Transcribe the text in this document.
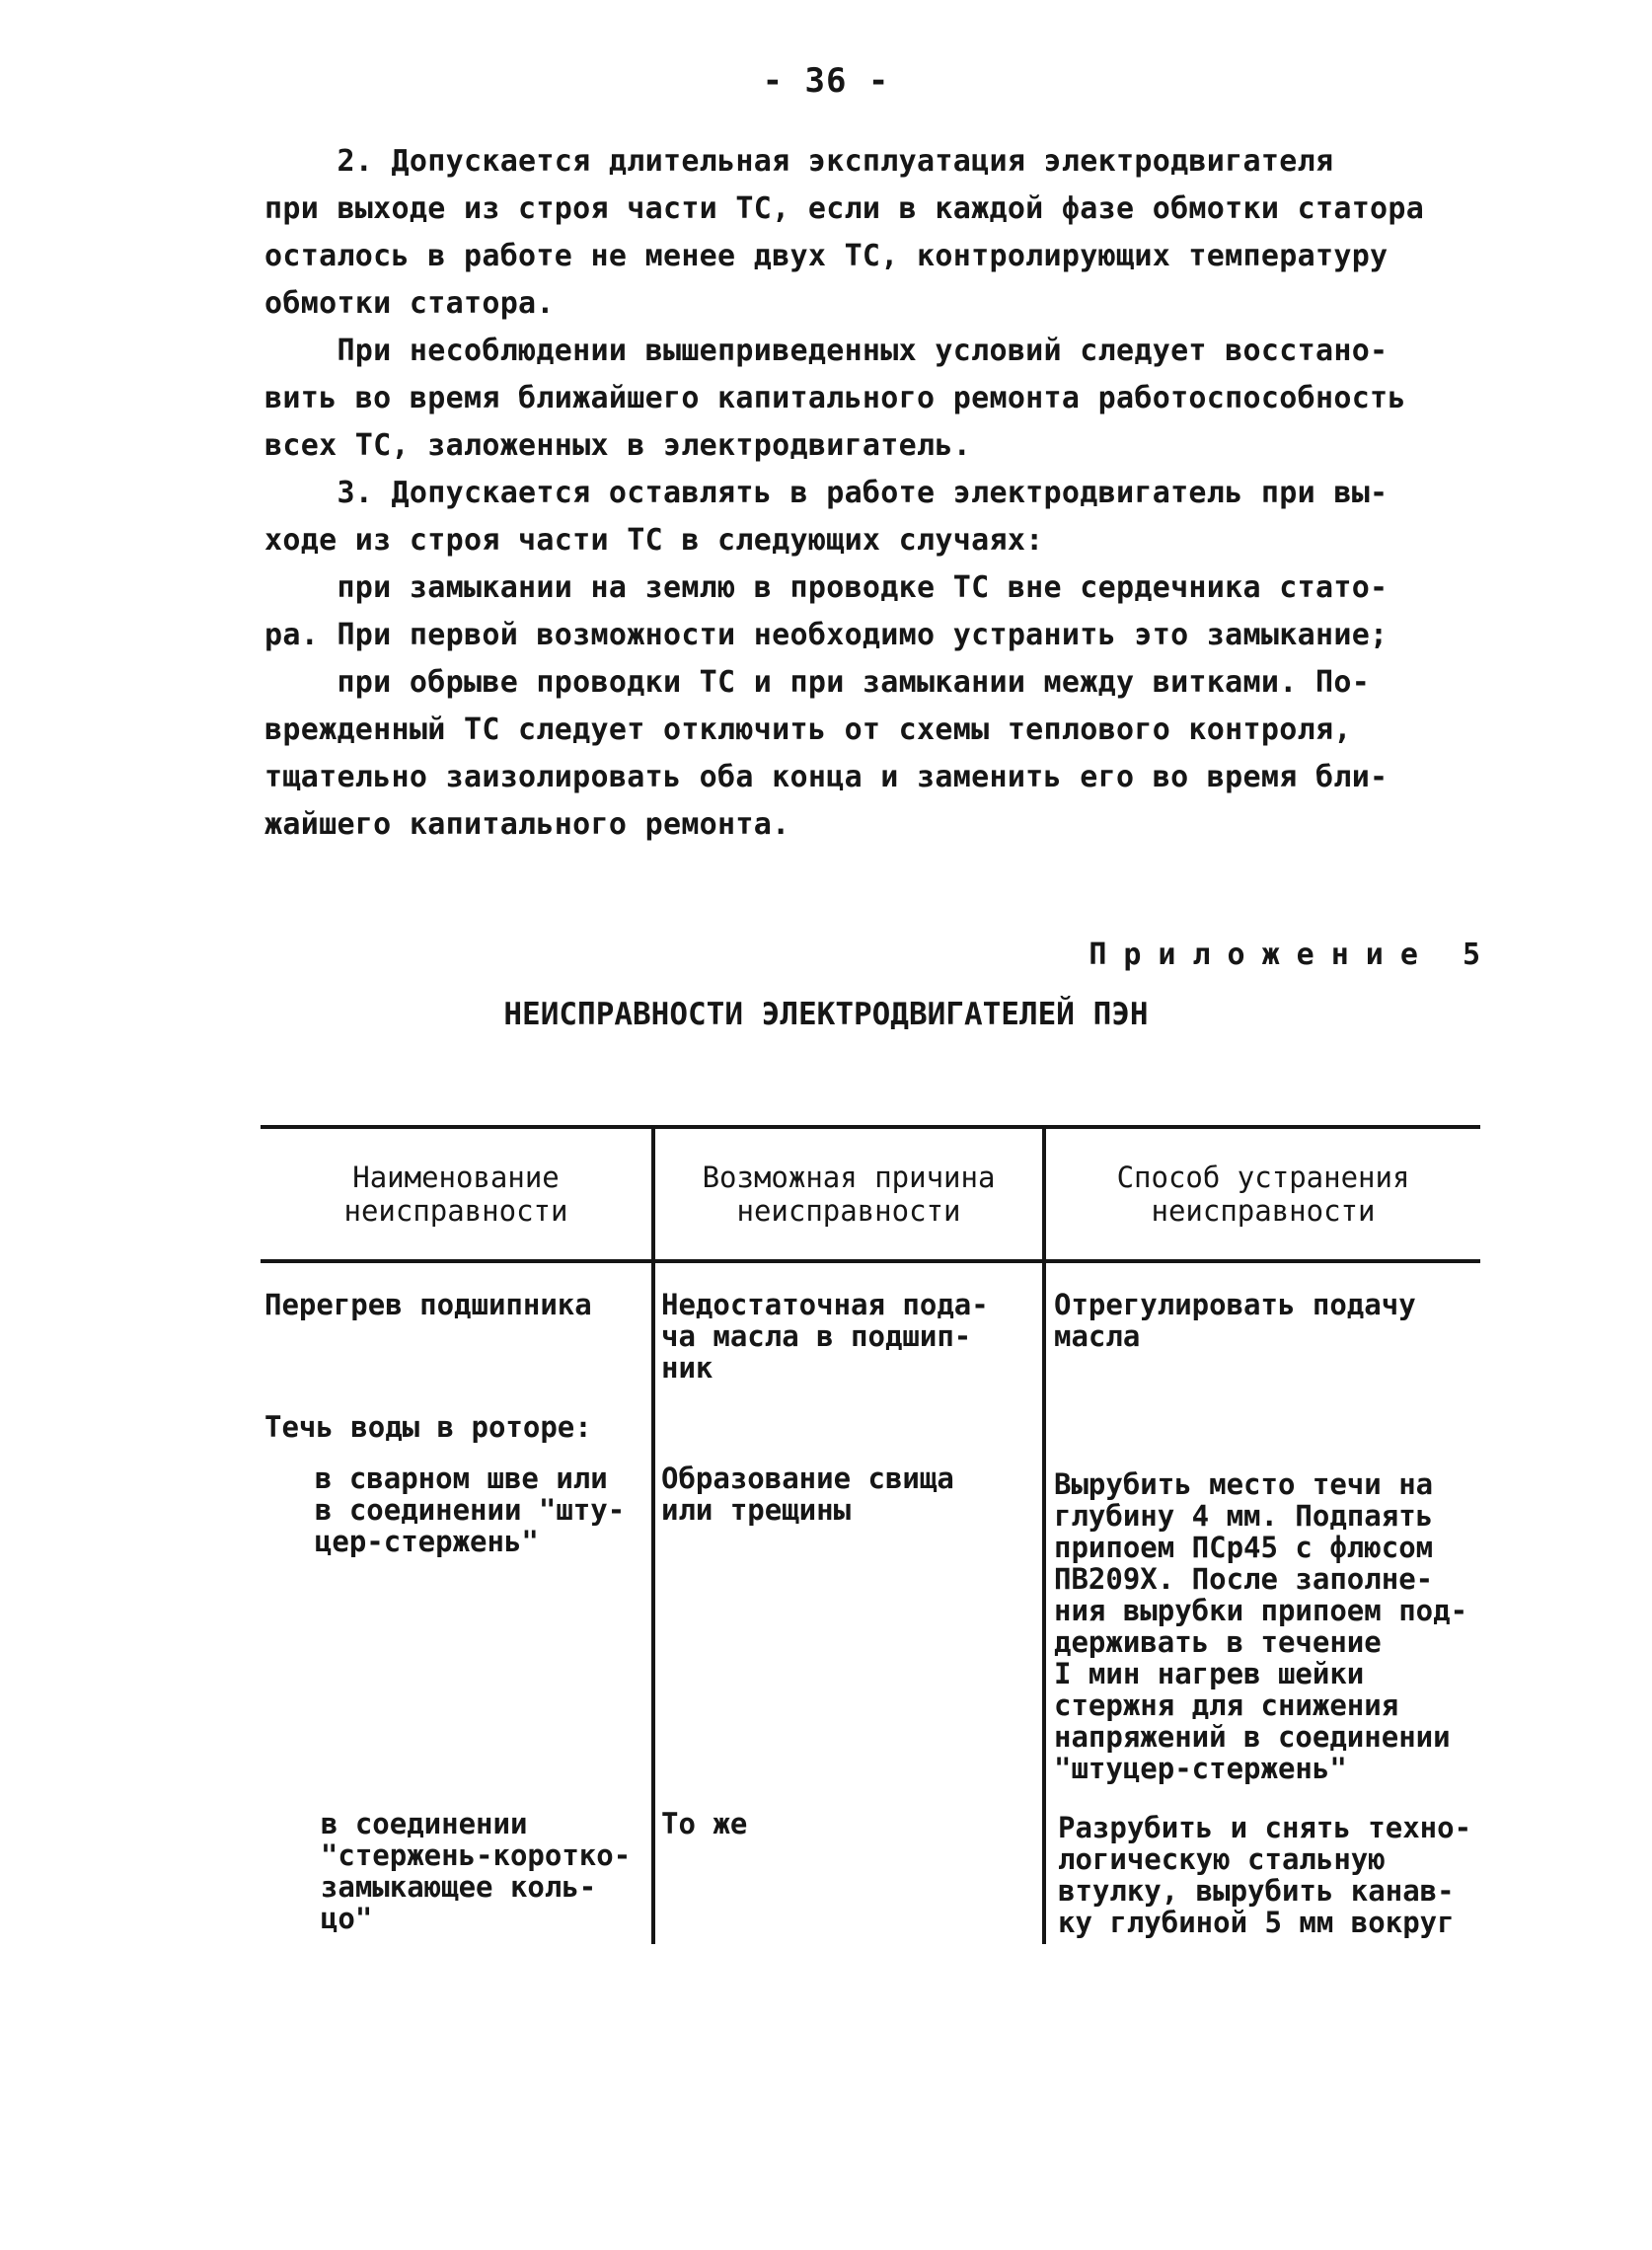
- 36 -
2. Допускается длительная эксплуатация электродвигателя
при выходе из строя части ТС, если в каждой фазе обмотки статора
осталось в работе не менее двух ТС, контролирующих температуру
обмотки статора.
При несоблюдении вышеприведенных условий следует восстано-
вить во время ближайшего капитального ремонта работоспособность
всех ТС, заложенных в электродвигатель.
3. Допускается оставлять в работе электродвигатель при вы-
ходе из строя части ТС в следующих случаях:
при замыкании на землю в проводке ТС вне сердечника стато-
ра. При первой возможности необходимо устранить это замыкание;
при обрыве проводки ТС и при замыкании между витками. По-
врежденный ТС следует отключить от схемы теплового контроля,
тщательно заизолировать оба конца и заменить его во время бли-
жайшего капитального ремонта.
Приложение 5
НЕИСПРАВНОСТИ ЭЛЕКТРОДВИГАТЕЛЕЙ ПЭН
Наименование
неисправности
Возможная причина
неисправности
Способ устранения
неисправности
Перегрев подшипника Недостаточная пода-
ча масла в подшип-
ник
Отрегулировать подачу
масла
Течь воды в роторе:
в сварном шве или
в соединении "шту-
цер-стержень"
Образование свища
или трещины
Вырубить место течи на
глубину 4 мм. Подпаять
припоем ПСр45 с флюсом
ПВ209Х. После заполне-
ния вырубки припоем под-
держивать в течение
I мин нагрев шейки
стержня для снижения
напряжений в соединении
"штуцер-стержень"
в соединении
"стержень-коротко-
замыкающее коль-
цо"
То же	Разрубить и снять техно-
логическую стальную
втулку, вырубить канав-
ку глубиной 5 мм вокруг
